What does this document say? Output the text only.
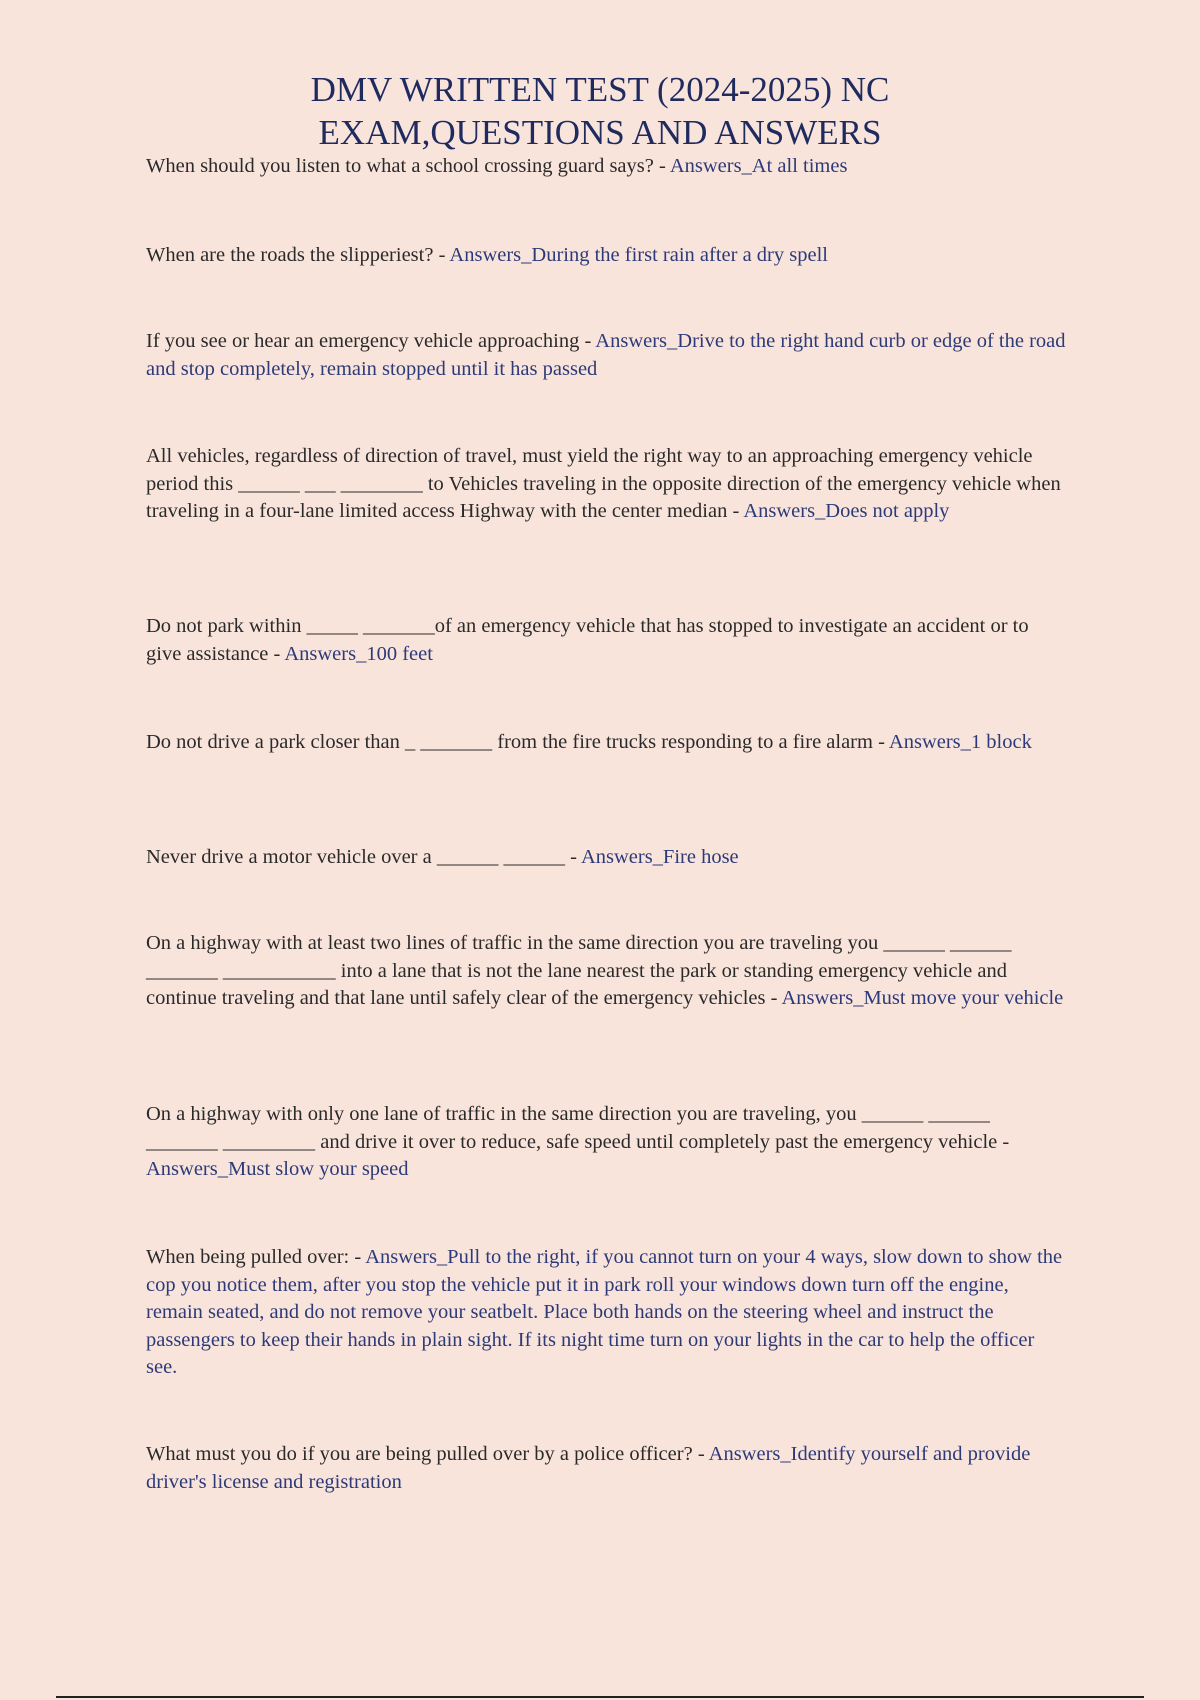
DMV WRITTEN TEST (2024-2025) NC
EXAM,QUESTIONS AND ANSWERS

When should you listen to what a school crossing guard says? - Answers_At all times

When are the roads the slipperiest? - Answers_During the first rain after a dry spell

If you see or hear an emergency vehicle approaching - Answers_Drive to the right hand curb or edge of the road and stop completely, remain stopped until it has passed

All vehicles, regardless of direction of travel, must yield the right way to an approaching emergency vehicle period this ______ ___ ________ to Vehicles traveling in the opposite direction of the emergency vehicle when traveling in a four-lane limited access Highway with the center median - Answers_Does not apply

Do not park within _____ _______of an emergency vehicle that has stopped to investigate an accident or to give assistance - Answers_100 feet

Do not drive a park closer than _ _______ from the fire trucks responding to a fire alarm - Answers_1 block

Never drive a motor vehicle over a ______ ______ - Answers_Fire hose

On a highway with at least two lines of traffic in the same direction you are traveling you ______ ______ _______ ___________ into a lane that is not the lane nearest the park or standing emergency vehicle and continue traveling and that lane until safely clear of the emergency vehicles - Answers_Must move your vehicle

On a highway with only one lane of traffic in the same direction you are traveling, you ______ ______ _______ _________ and drive it over to reduce, safe speed until completely past the emergency vehicle - Answers_Must slow your speed

When being pulled over: - Answers_Pull to the right, if you cannot turn on your 4 ways, slow down to show the cop you notice them, after you stop the vehicle put it in park roll your windows down turn off the engine, remain seated, and do not remove your seatbelt. Place both hands on the steering wheel and instruct the passengers to keep their hands in plain sight. If its night time turn on your lights in the car to help the officer see.

What must you do if you are being pulled over by a police officer? - Answers_Identify yourself and provide driver's license and registration
